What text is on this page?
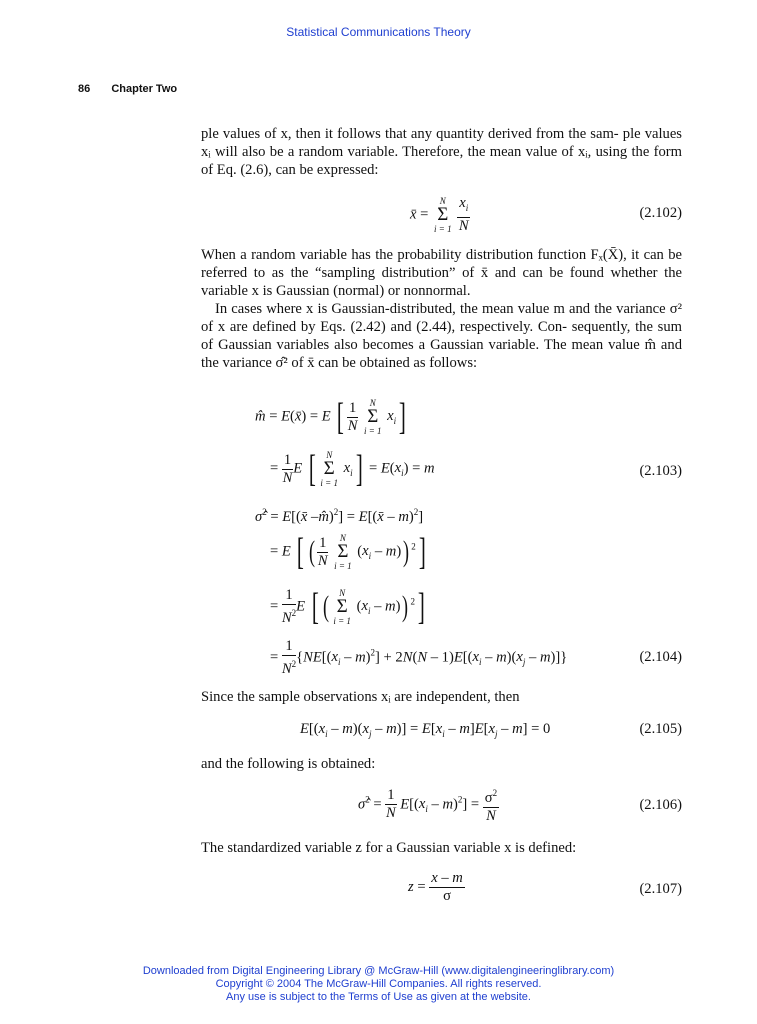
Statistical Communications Theory
86 Chapter Two

ple values of x, then it follows that any quantity derived from the sam- ple values xᵢ will also be a random variable. Therefore, the mean value of xᵢ, using the form of Eq. (2.6), can be expressed:

x̄ =
N
Σ
i = 1
$\frac{x_i}{N}$	(2.102)

When a random variable has the probability distribution function Fₓ(X̄), it can be referred to as the “sampling distribution” of x̄ and can be found whether the variable x is Gaussian (normal) or nonnormal.

In cases where x is Gaussian-distributed, the mean value m and the variance σ² of x are defined by Eqs. (2.42) and (2.44), respectively. Con- sequently, the sum of Gaussian variables also becomes a Gaussian variable. The mean value m̂ and the variance σ̂² of x̄ can be obtained as follows:

m̂ = E(x̄) = E [ $\frac{1}{N}$
	N
Σ
i = 1
$x_i$]
= $\frac{1}{N}$ E [	N
Σ
i = 1
$x_i] = E(x_i) = m$	(2.103)
σ̂$^2$ = E[(x̄ –m̂)$^2$] = E[(x̄ – m)$^2$]
= E [ ( $\frac{1}{N}$
	N
Σ
i = 1
$(x_i - m)$) $^2$]
= $\frac{1}{N^2}$ E [ (	N
Σ
i = 1
$(x_i - m)$) $^2$]
= $\frac{1}{N^2} \{NE[(x_i - m)^2] + 2N(N - 1)E[(x_i - m)(x_j - m)]\}$	(2.104)

Since the sample observations xᵢ are independent, then

$E[(x_i - m)(x_j - m)] = E[x_i - m]E[x_j - m] = 0$	(2.105)

and the following is obtained:

σ̂$^2$ = $\frac{1}{N} E[(x_i - m)^2] = \frac{\sigma^2}{N}$	(2.106)

The standardized variable z for a Gaussian variable x is defined:

$z = \frac{x - m}{\sigma}$	(2.107)
Downloaded from Digital Engineering Library @ McGraw-Hill (www.digitalengineeringlibrary.com)
Copyright © 2004 The McGraw-Hill Companies. All rights reserved.
Any use is subject to the Terms of Use as given at the website.
